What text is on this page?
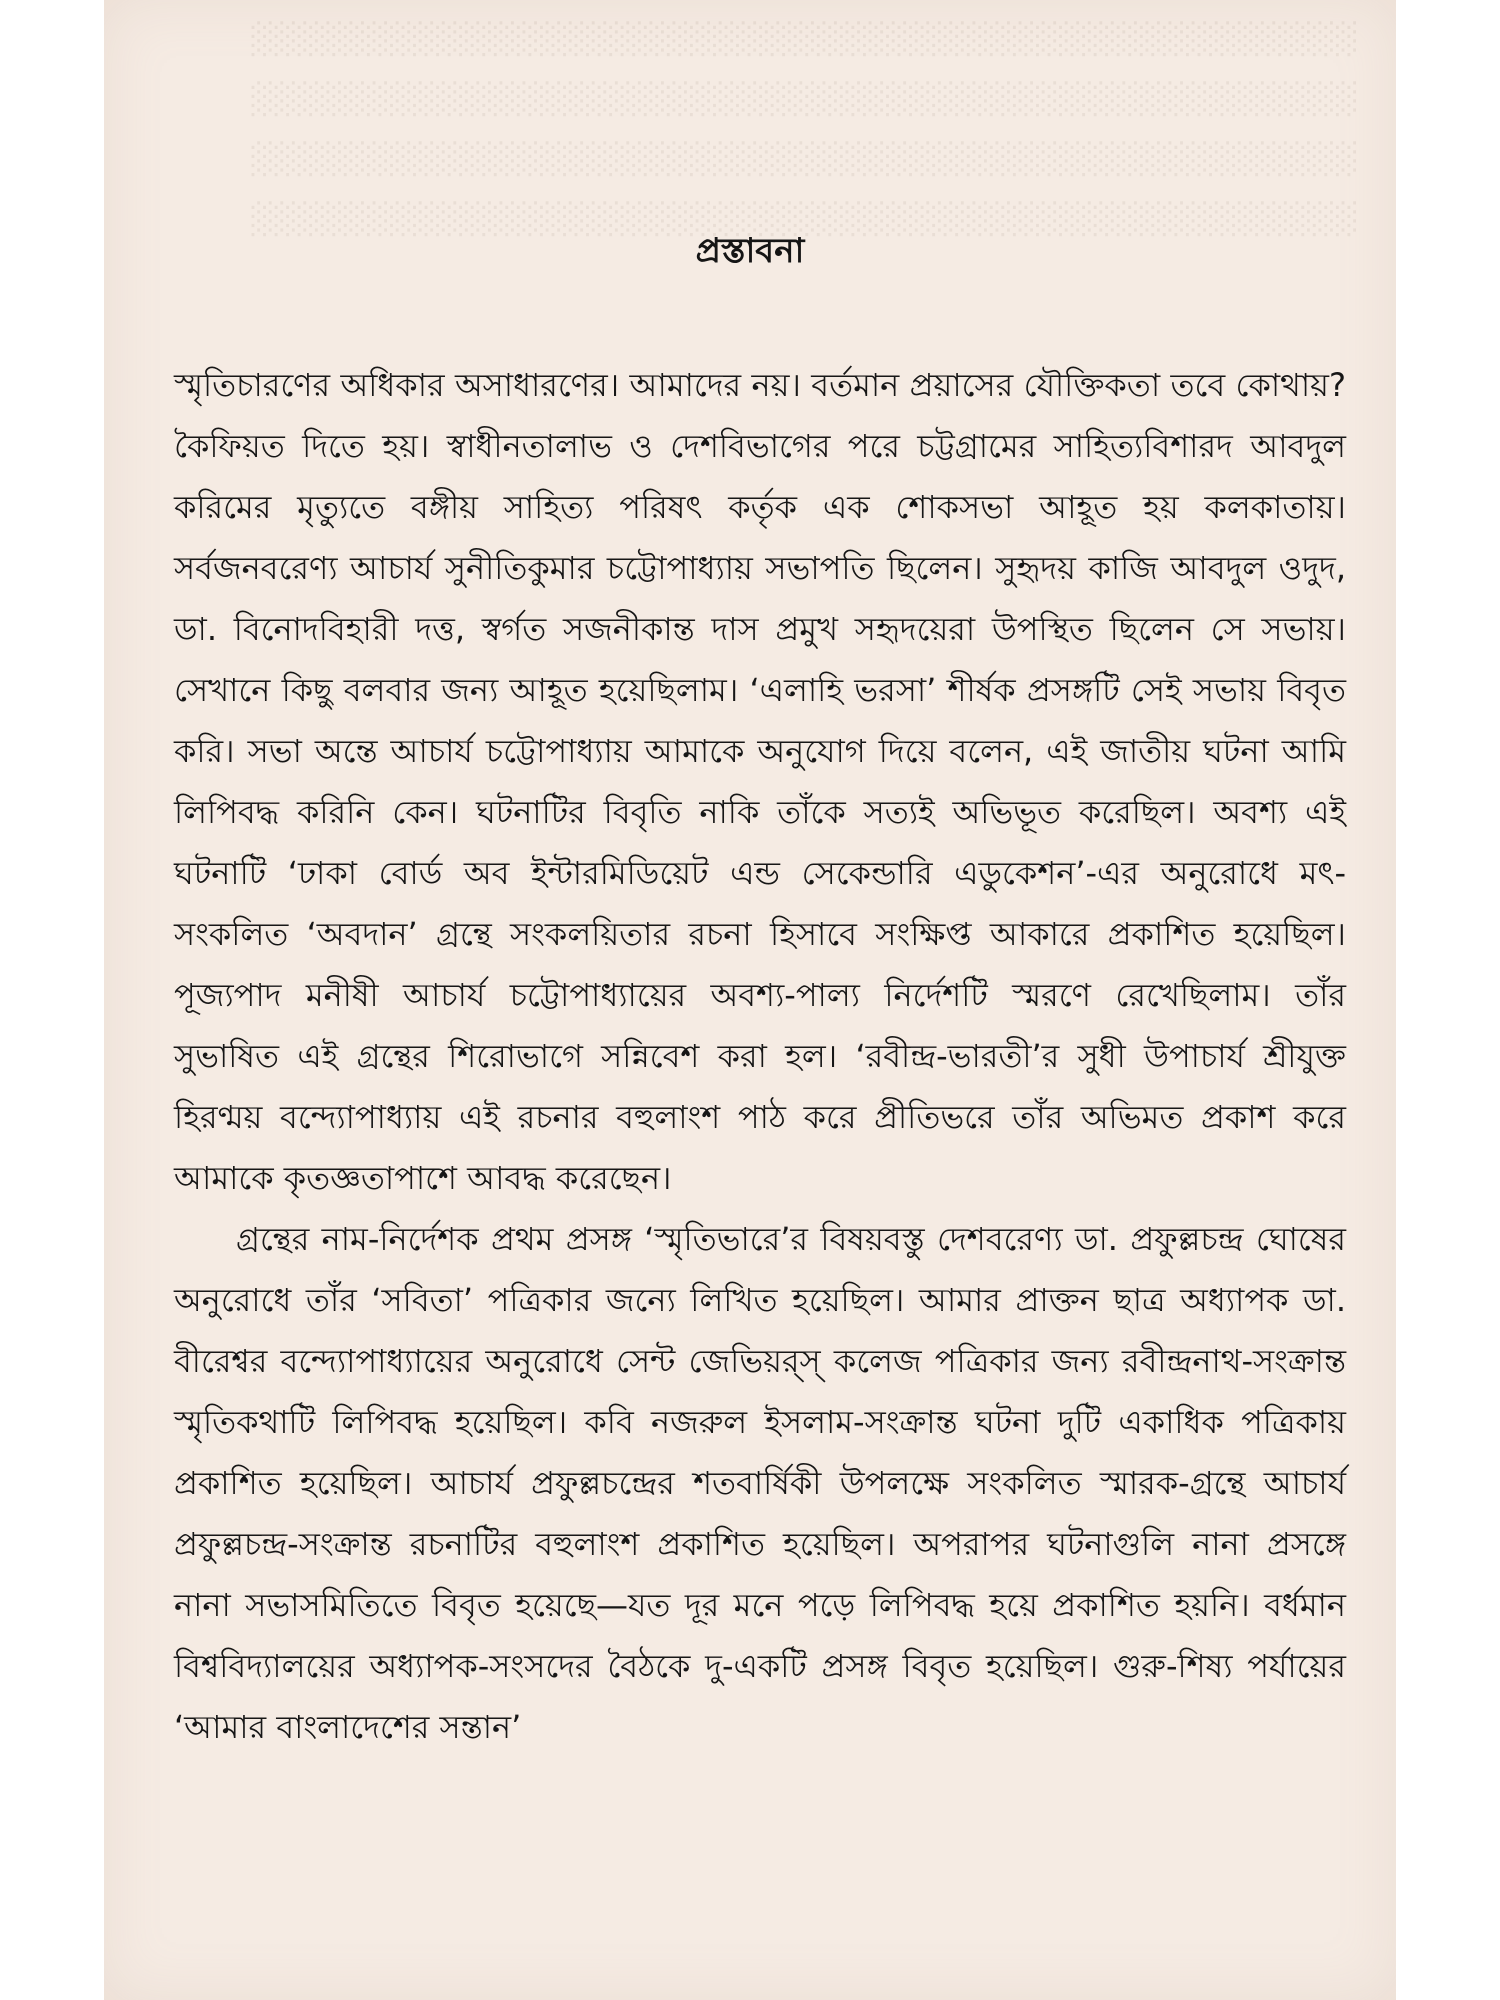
░░░░░░░░░░░░░░░░░░░░░░░░░░░░░░░░░░░░░░░░░░░░░░░░
░░░░░░░░░░░░░░░░░░░░░░░░░░░░░░░░░░░░░░░░░░░░░░░░
░░░░░░░░░░░░░░░░░░░░░░░░░░░░░░░░░░░░░░░░░░░░░░░░
░░░░░░░░░░░░░░░░░░░░░░░░░░░░░░░░░░░░░░░░░░░░░░░░
প্রস্তাবনা

স্মৃতিচারণের অধিকার অসাধারণের। আমাদের নয়। বর্তমান প্রয়াসের যৌক্তিকতা তবে কোথায়? কৈফিয়ত দিতে হয়। স্বাধীনতালাভ ও দেশবিভাগের পরে চট্টগ্রামের সাহিত্যবিশারদ আবদুল করিমের মৃত্যুতে বঙ্গীয় সাহিত্য পরিষৎ কর্তৃক এক শোকসভা আহূত হয় কলকাতায়। সর্বজনবরেণ্য আচার্য সুনীতিকুমার চট্টোপাধ্যায় সভাপতি ছিলেন। সুহৃদয় কাজি আবদুল ওদুদ, ডা. বিনোদবিহারী দত্ত, স্বর্গত সজনীকান্ত দাস প্রমুখ সহৃদয়েরা উপস্থিত ছিলেন সে সভায়। সেখানে কিছু বলবার জন্য আহূত হয়েছিলাম। ‘এলাহি ভরসা’ শীর্ষক প্রসঙ্গটি সেই সভায় বিবৃত করি। সভা অন্তে আচার্য চট্টোপাধ্যায় আমাকে অনুযোগ দিয়ে বলেন, এই জাতীয় ঘটনা আমি লিপিবদ্ধ করিনি কেন। ঘটনাটির বিবৃতি নাকি তাঁকে সত্যই অভিভূত করেছিল। অবশ্য এই ঘটনাটি ‘ঢাকা বোর্ড অব ইন্টারমিডিয়েট এন্ড সেকেন্ডারি এডুকেশন’-এর অনুরোধে মৎ-সংকলিত ‘অবদান’ গ্রন্থে সংকলয়িতার রচনা হিসাবে সংক্ষিপ্ত আকারে প্রকাশিত হয়েছিল। পূজ্যপাদ মনীষী আচার্য চট্টোপাধ্যায়ের অবশ্য-পাল্য নির্দেশটি স্মরণে রেখেছিলাম। তাঁর সুভাষিত এই গ্রন্থের শিরোভাগে সন্নিবেশ করা হল। ‘রবীন্দ্র-ভারতী’র সুধী উপাচার্য শ্রীযুক্ত হিরণ্ময় বন্দ্যোপাধ্যায় এই রচনার বহুলাংশ পাঠ করে প্রীতিভরে তাঁর অভিমত প্রকাশ করে আমাকে কৃতজ্ঞতাপাশে আবদ্ধ করেছেন।

গ্রন্থের নাম-নির্দেশক প্রথম প্রসঙ্গ ‘স্মৃতিভারে’র বিষয়বস্তু দেশবরেণ্য ডা. প্রফুল্লচন্দ্র ঘোষের অনুরোধে তাঁর ‘সবিতা’ পত্রিকার জন্যে লিখিত হয়েছিল। আমার প্রাক্তন ছাত্র অধ্যাপক ডা. বীরেশ্বর বন্দ্যোপাধ্যায়ের অনুরোধে সেন্ট জেভিয়র্‌স্ কলেজ পত্রিকার জন্য রবীন্দ্রনাথ-সংক্রান্ত স্মৃতিকথাটি লিপিবদ্ধ হয়েছিল। কবি নজরুল ইসলাম-সংক্রান্ত ঘটনা দুটি একাধিক পত্রিকায় প্রকাশিত হয়েছিল। আচার্য প্রফুল্লচন্দ্রের শতবার্ষিকী উপলক্ষে সংকলিত স্মারক-গ্রন্থে আচার্য প্রফুল্লচন্দ্র-সংক্রান্ত রচনাটির বহুলাংশ প্রকাশিত হয়েছিল। অপরাপর ঘটনাগুলি নানা প্রসঙ্গে নানা সভাসমিতিতে বিবৃত হয়েছে—যত দূর মনে পড়ে লিপিবদ্ধ হয়ে প্রকাশিত হয়নি। বর্ধমান বিশ্ববিদ্যালয়ের অধ্যাপক-সংসদের বৈঠকে দু-একটি প্রসঙ্গ বিবৃত হয়েছিল। গুরু-শিষ্য পর্যায়ের ‘আমার বাংলাদেশের সন্তান’
